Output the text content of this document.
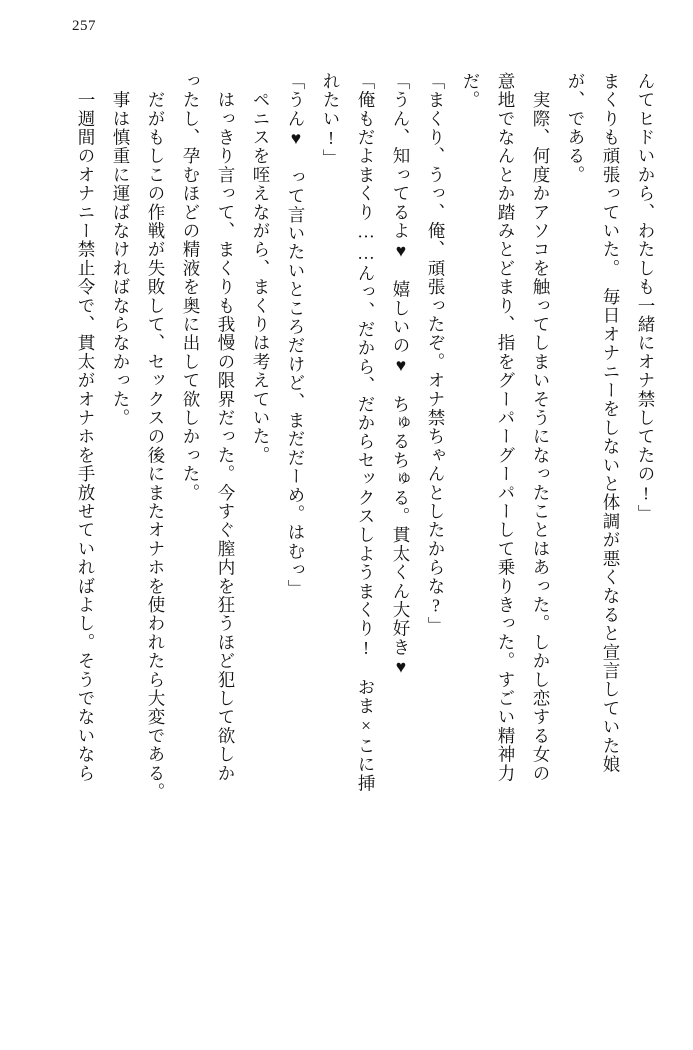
257
んてヒドいから、わたしも一緒にオナ禁してたの!」
まくりも頑張っていた。　毎日オナニーをしないと体調が悪くなると宣言していた娘
が、である。
　実際、何度かアソコを触ってしまいそうになったことはあった。しかし恋する女の
意地でなんとか踏みとどまり、指をグーパーグーパーして乗りきった。すごい精神力
だ。
「まくり、うっ、俺、頑張ったぞ。オナ禁ちゃんとしたからな?」
「うん、知ってるよ♥　嬉しいの♥　ちゅるちゅる。貫太くん大好き♥
「俺もだよまくり……んっ、だから、だからセックスしようまくり!　おま×こに挿
れたい!」
「うん♥　って言いたいところだけど、まだだーめ。はむっ」
　ペニスを咥えながら、まくりは考えていた。
　はっきり言って、まくりも我慢の限界だった。今すぐ膣内を狂うほど犯して欲しか
ったし、孕むほどの精液を奥に出して欲しかった。
　だがもしこの作戦が失敗して、セックスの後にまたオナホを使われたら大変である。
　事は慎重に運ばなければならなかった。
　一週間のオナニー禁止令で、貫太がオナホを手放せていればよし。そうでないなら
